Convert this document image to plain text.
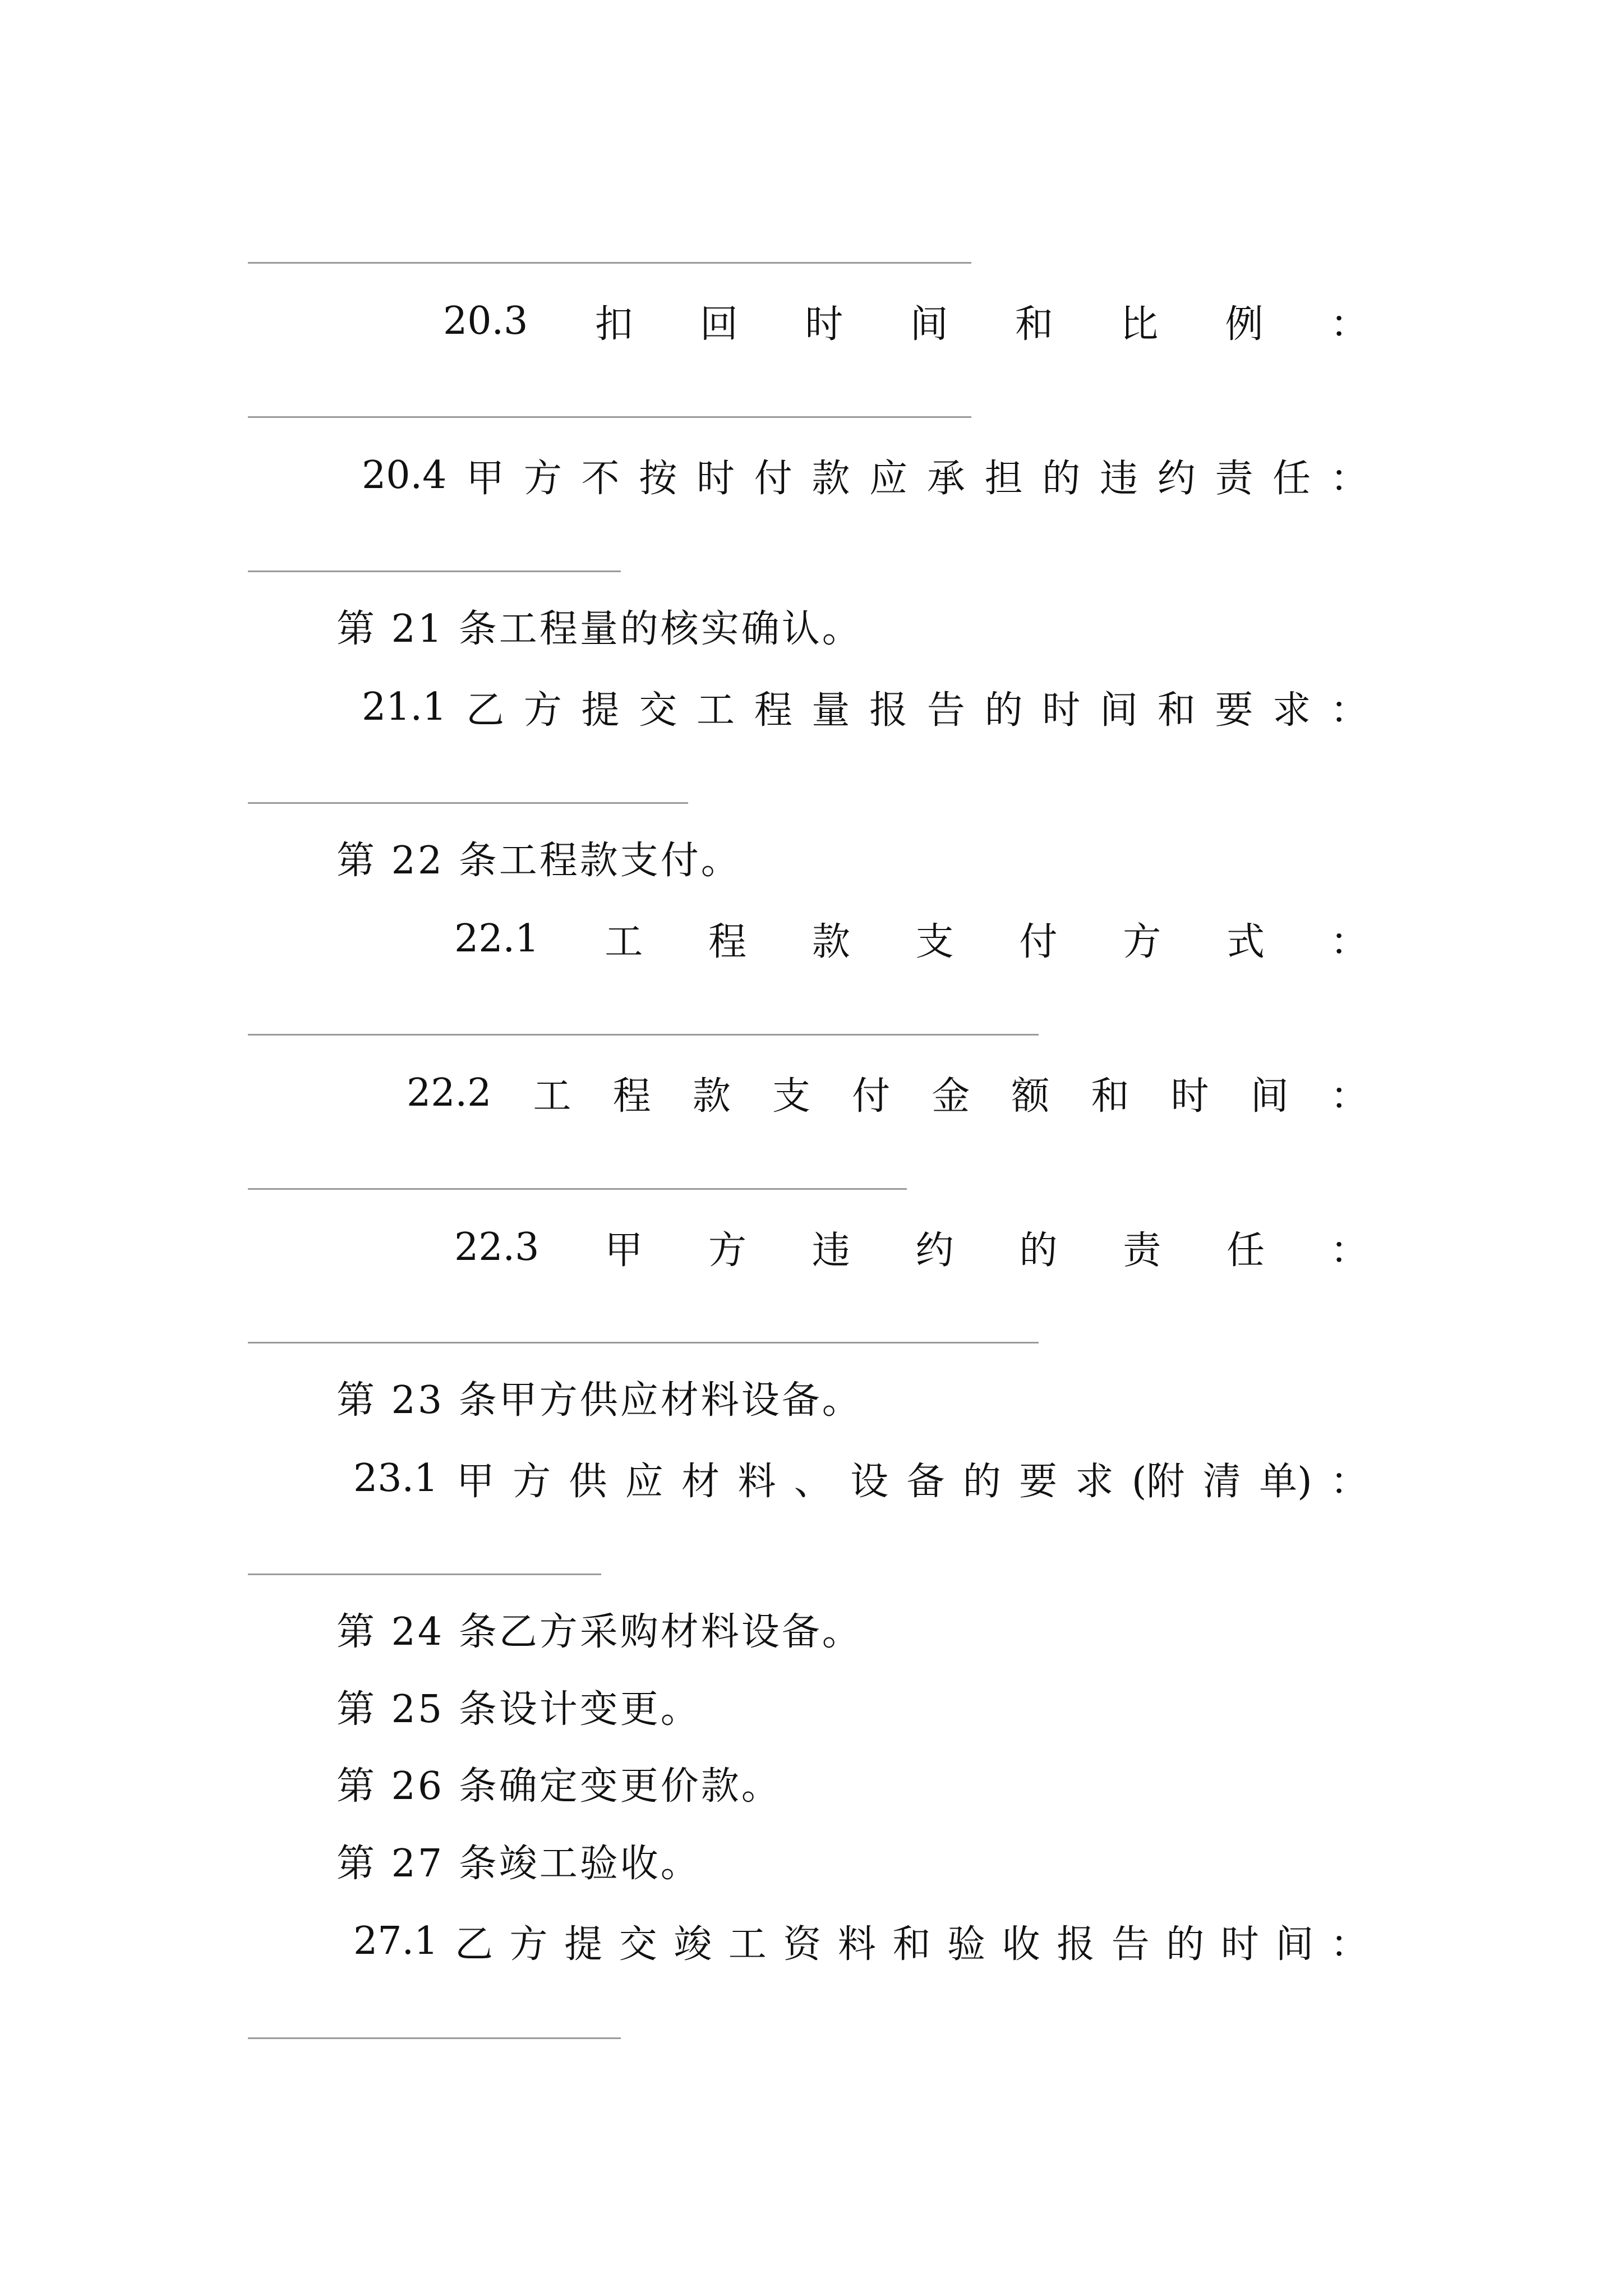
20.3 扣 回 时 间 和 比 例 ：
20.4 甲 方 不 按 时 付 款 应 承 担 的 违 约 责 任 ：
第 21 条工程量的核实确认。
21.1 乙 方 提 交 工 程 量 报 告 的 时 间 和 要 求 ：
第 22 条工程款支付。
22.1 工 程 款 支 付 方 式 ：
22.2 工 程 款 支 付 金 额 和 时 间 ：
22.3 甲 方 违 约 的 责 任 ：
第 23 条甲方供应材料设备。
23.1 甲 方 供 应 材 料 、 设 备 的 要 求 (附 清 单) ：
第 24 条乙方采购材料设备。
第 25 条设计变更。
第 26 条确定变更价款。
第 27 条竣工验收。
27.1 乙 方 提 交 竣 工 资 料 和 验 收 报 告 的 时 间 ：
